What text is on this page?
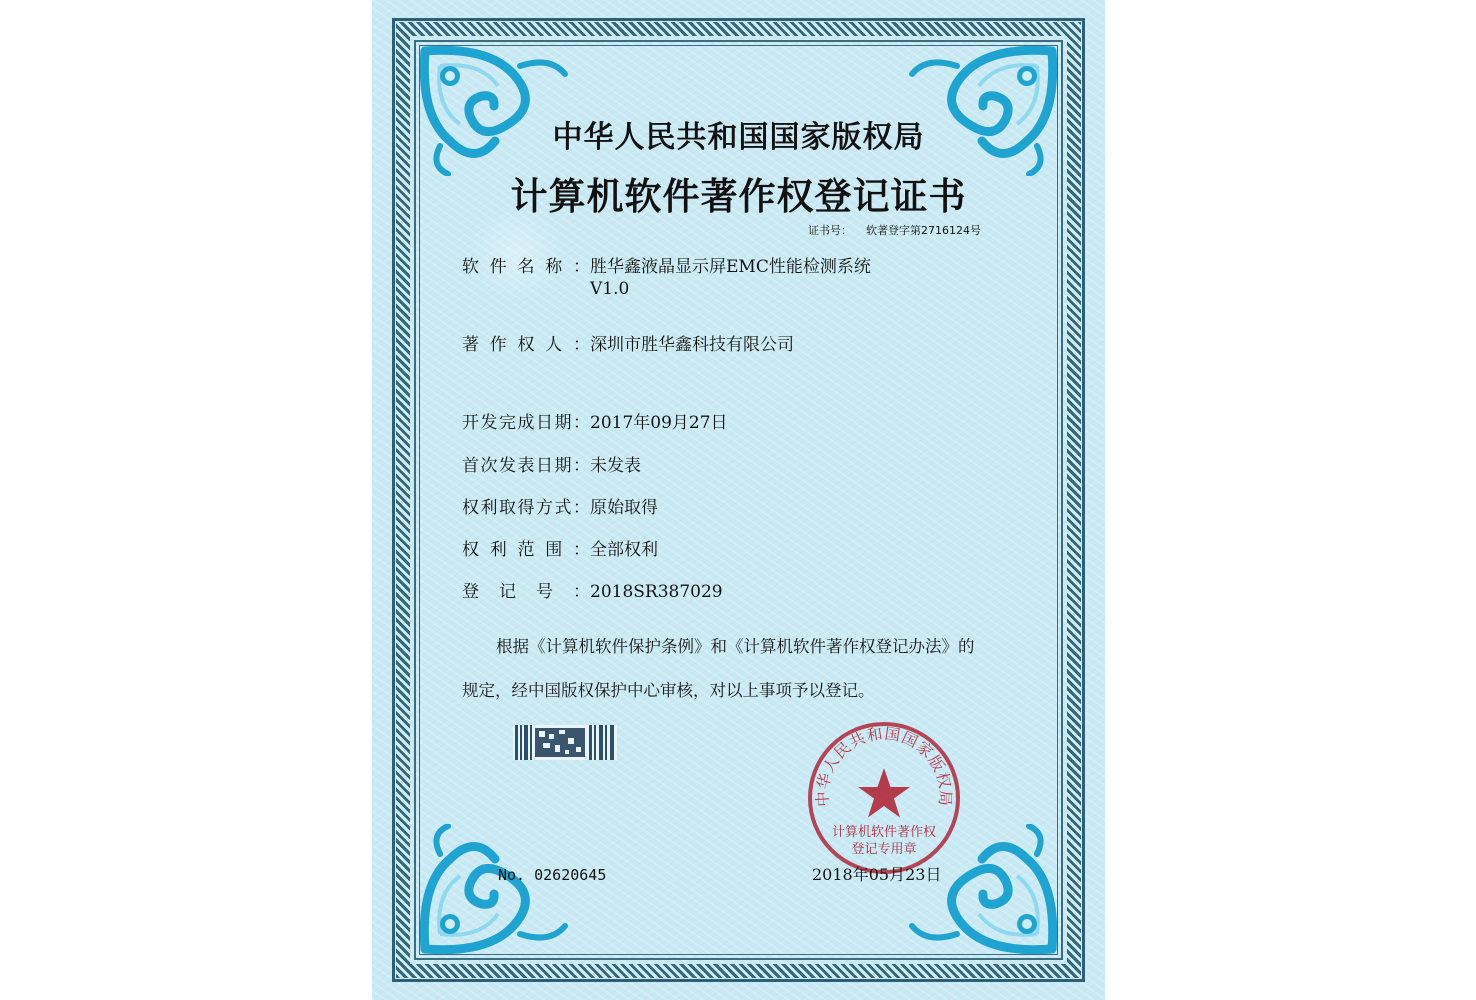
中华人民共和国国家版权局
计算机软件著作权登记证书
证书号： 软著登字第2716124号
软件名称：胜华鑫液晶显示屏EMC性能检测系统
V1.0
著作权人：深圳市胜华鑫科技有限公司
开发完成日期：2017年09月27日
首次发表日期：未发表
权利取得方式：原始取得
权利范围：全部权利
登记号：2018SR387029
根据《计算机软件保护条例》和《计算机软件著作权登记办法》的
规定，经中国版权保护中心审核，对以上事项予以登记。
中华人民共和国国家版权局
计算机软件著作权
登记专用章
No. 02620645	2018年05月23日
